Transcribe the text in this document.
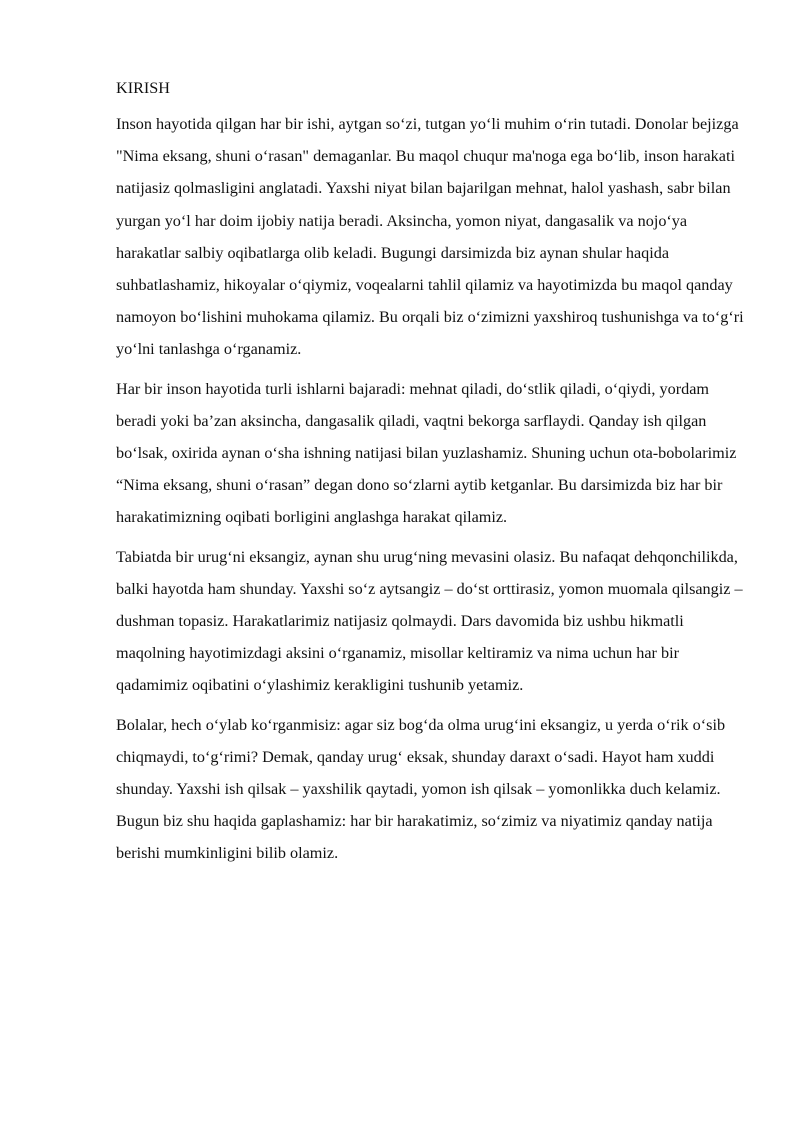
KIRISH

Inson hayotida qilgan har bir ishi, aytgan so‘zi, tutgan yo‘li muhim o‘rin tutadi. Donolar bejizga "Nima eksang, shuni o‘rasan" demaganlar. Bu maqol chuqur ma'noga ega bo‘lib, inson harakati natijasiz qolmasligini anglatadi. Yaxshi niyat bilan bajarilgan mehnat, halol yashash, sabr bilan yurgan yo‘l har doim ijobiy natija beradi. Aksincha, yomon niyat, dangasalik va nojo‘ya harakatlar salbiy oqibatlarga olib keladi. Bugungi darsimizda biz aynan shular haqida suhbatlashamiz, hikoyalar o‘qiymiz, voqealarni tahlil qilamiz va hayotimizda bu maqol qanday namoyon bo‘lishini muhokama qilamiz. Bu orqali biz o‘zimizni yaxshiroq tushunishga va to‘g‘ri yo‘lni tanlashga o‘rganamiz.

Har bir inson hayotida turli ishlarni bajaradi: mehnat qiladi, do‘stlik qiladi, o‘qiydi, yordam beradi yoki ba’zan aksincha, dangasalik qiladi, vaqtni bekorga sarflaydi. Qanday ish qilgan bo‘lsak, oxirida aynan o‘sha ishning natijasi bilan yuzlashamiz. Shuning uchun ota-bobolarimiz “Nima eksang, shuni o‘rasan” degan dono so‘zlarni aytib ketganlar. Bu darsimizda biz har bir harakatimizning oqibati borligini anglashga harakat qilamiz.

Tabiatda bir urug‘ni eksangiz, aynan shu urug‘ning mevasini olasiz. Bu nafaqat dehqonchilikda, balki hayotda ham shunday. Yaxshi so‘z aytsangiz – do‘st orttirasiz, yomon muomala qilsangiz – dushman topasiz. Harakatlarimiz natijasiz qolmaydi. Dars davomida biz ushbu hikmatli maqolning hayotimizdagi aksini o‘rganamiz, misollar keltiramiz va nima uchun har bir qadamimiz oqibatini o‘ylashimiz kerakligini tushunib yetamiz.

Bolalar, hech o‘ylab ko‘rganmisiz: agar siz bog‘da olma urug‘ini eksangiz, u yerda o‘rik o‘sib chiqmaydi, to‘g‘rimi? Demak, qanday urug‘ eksak, shunday daraxt o‘sadi. Hayot ham xuddi shunday. Yaxshi ish qilsak – yaxshilik qaytadi, yomon ish qilsak – yomonlikka duch kelamiz. Bugun biz shu haqida gaplashamiz: har bir harakatimiz, so‘zimiz va niyatimiz qanday natija berishi mumkinligini bilib olamiz.
